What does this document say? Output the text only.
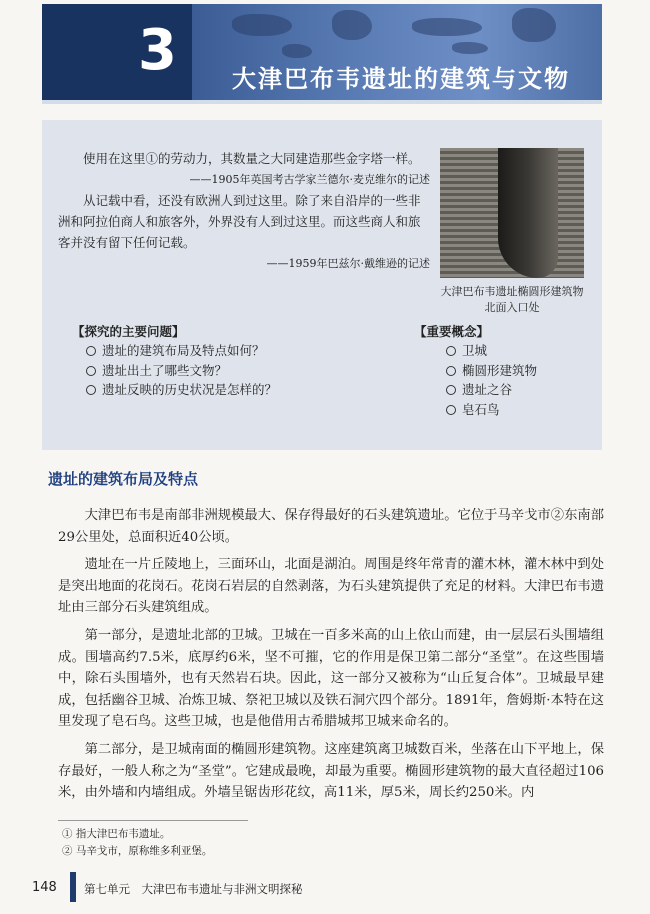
3 大津巴布韦遗址的建筑与文物

使用在这里①的劳动力，其数量之大同建造那些金字塔一样。

——1905年英国考古学家兰德尔·麦克维尔的记述

从记载中看，还没有欧洲人到过这里。除了来自沿岸的一些非洲和阿拉伯商人和旅客外，外界没有人到过这里。而这些商人和旅客并没有留下任何记载。

——1959年巴兹尔·戴维逊的记述

大津巴布韦遗址椭圆形建筑物
北面入口处
【探究的主要问题】
遗址的建筑布局及特点如何？
遗址出土了哪些文物？
遗址反映的历史状况是怎样的？
【重要概念】
卫城
椭圆形建筑物
遗址之谷
皂石鸟
遗址的建筑布局及特点

大津巴布韦是南部非洲规模最大、保存得最好的石头建筑遗址。它位于马辛戈市②东南部29公里处，总面积近40公顷。

遗址在一片丘陵地上，三面环山，北面是湖泊。周围是终年常青的灌木林，灌木林中到处是突出地面的花岗石。花岗石岩层的自然剥落，为石头建筑提供了充足的材料。大津巴布韦遗址由三部分石头建筑组成。

第一部分，是遗址北部的卫城。卫城在一百多米高的山上依山而建，由一层层石头围墙组成。围墙高约7.5米，底厚约6米，坚不可摧，它的作用是保卫第二部分“圣堂”。在这些围墙中，除石头围墙外，也有天然岩石块。因此，这一部分又被称为“山丘复合体”。卫城最早建成，包括幽谷卫城、冶炼卫城、祭祀卫城以及铁石洞穴四个部分。1891年，詹姆斯·本特在这里发现了皂石鸟。这些卫城，也是他借用古希腊城邦卫城来命名的。

第二部分，是卫城南面的椭圆形建筑物。这座建筑离卫城数百米，坐落在山下平地上，保存最好，一般人称之为“圣堂”。它建成最晚，却最为重要。椭圆形建筑物的最大直径超过106米，由外墙和内墙组成。外墙呈锯齿形花纹，高11米，厚5米，周长约250米。内

① 指大津巴布韦遗址。
② 马辛戈市，原称维多利亚堡。
148 第七单元　大津巴布韦遗址与非洲文明探秘
